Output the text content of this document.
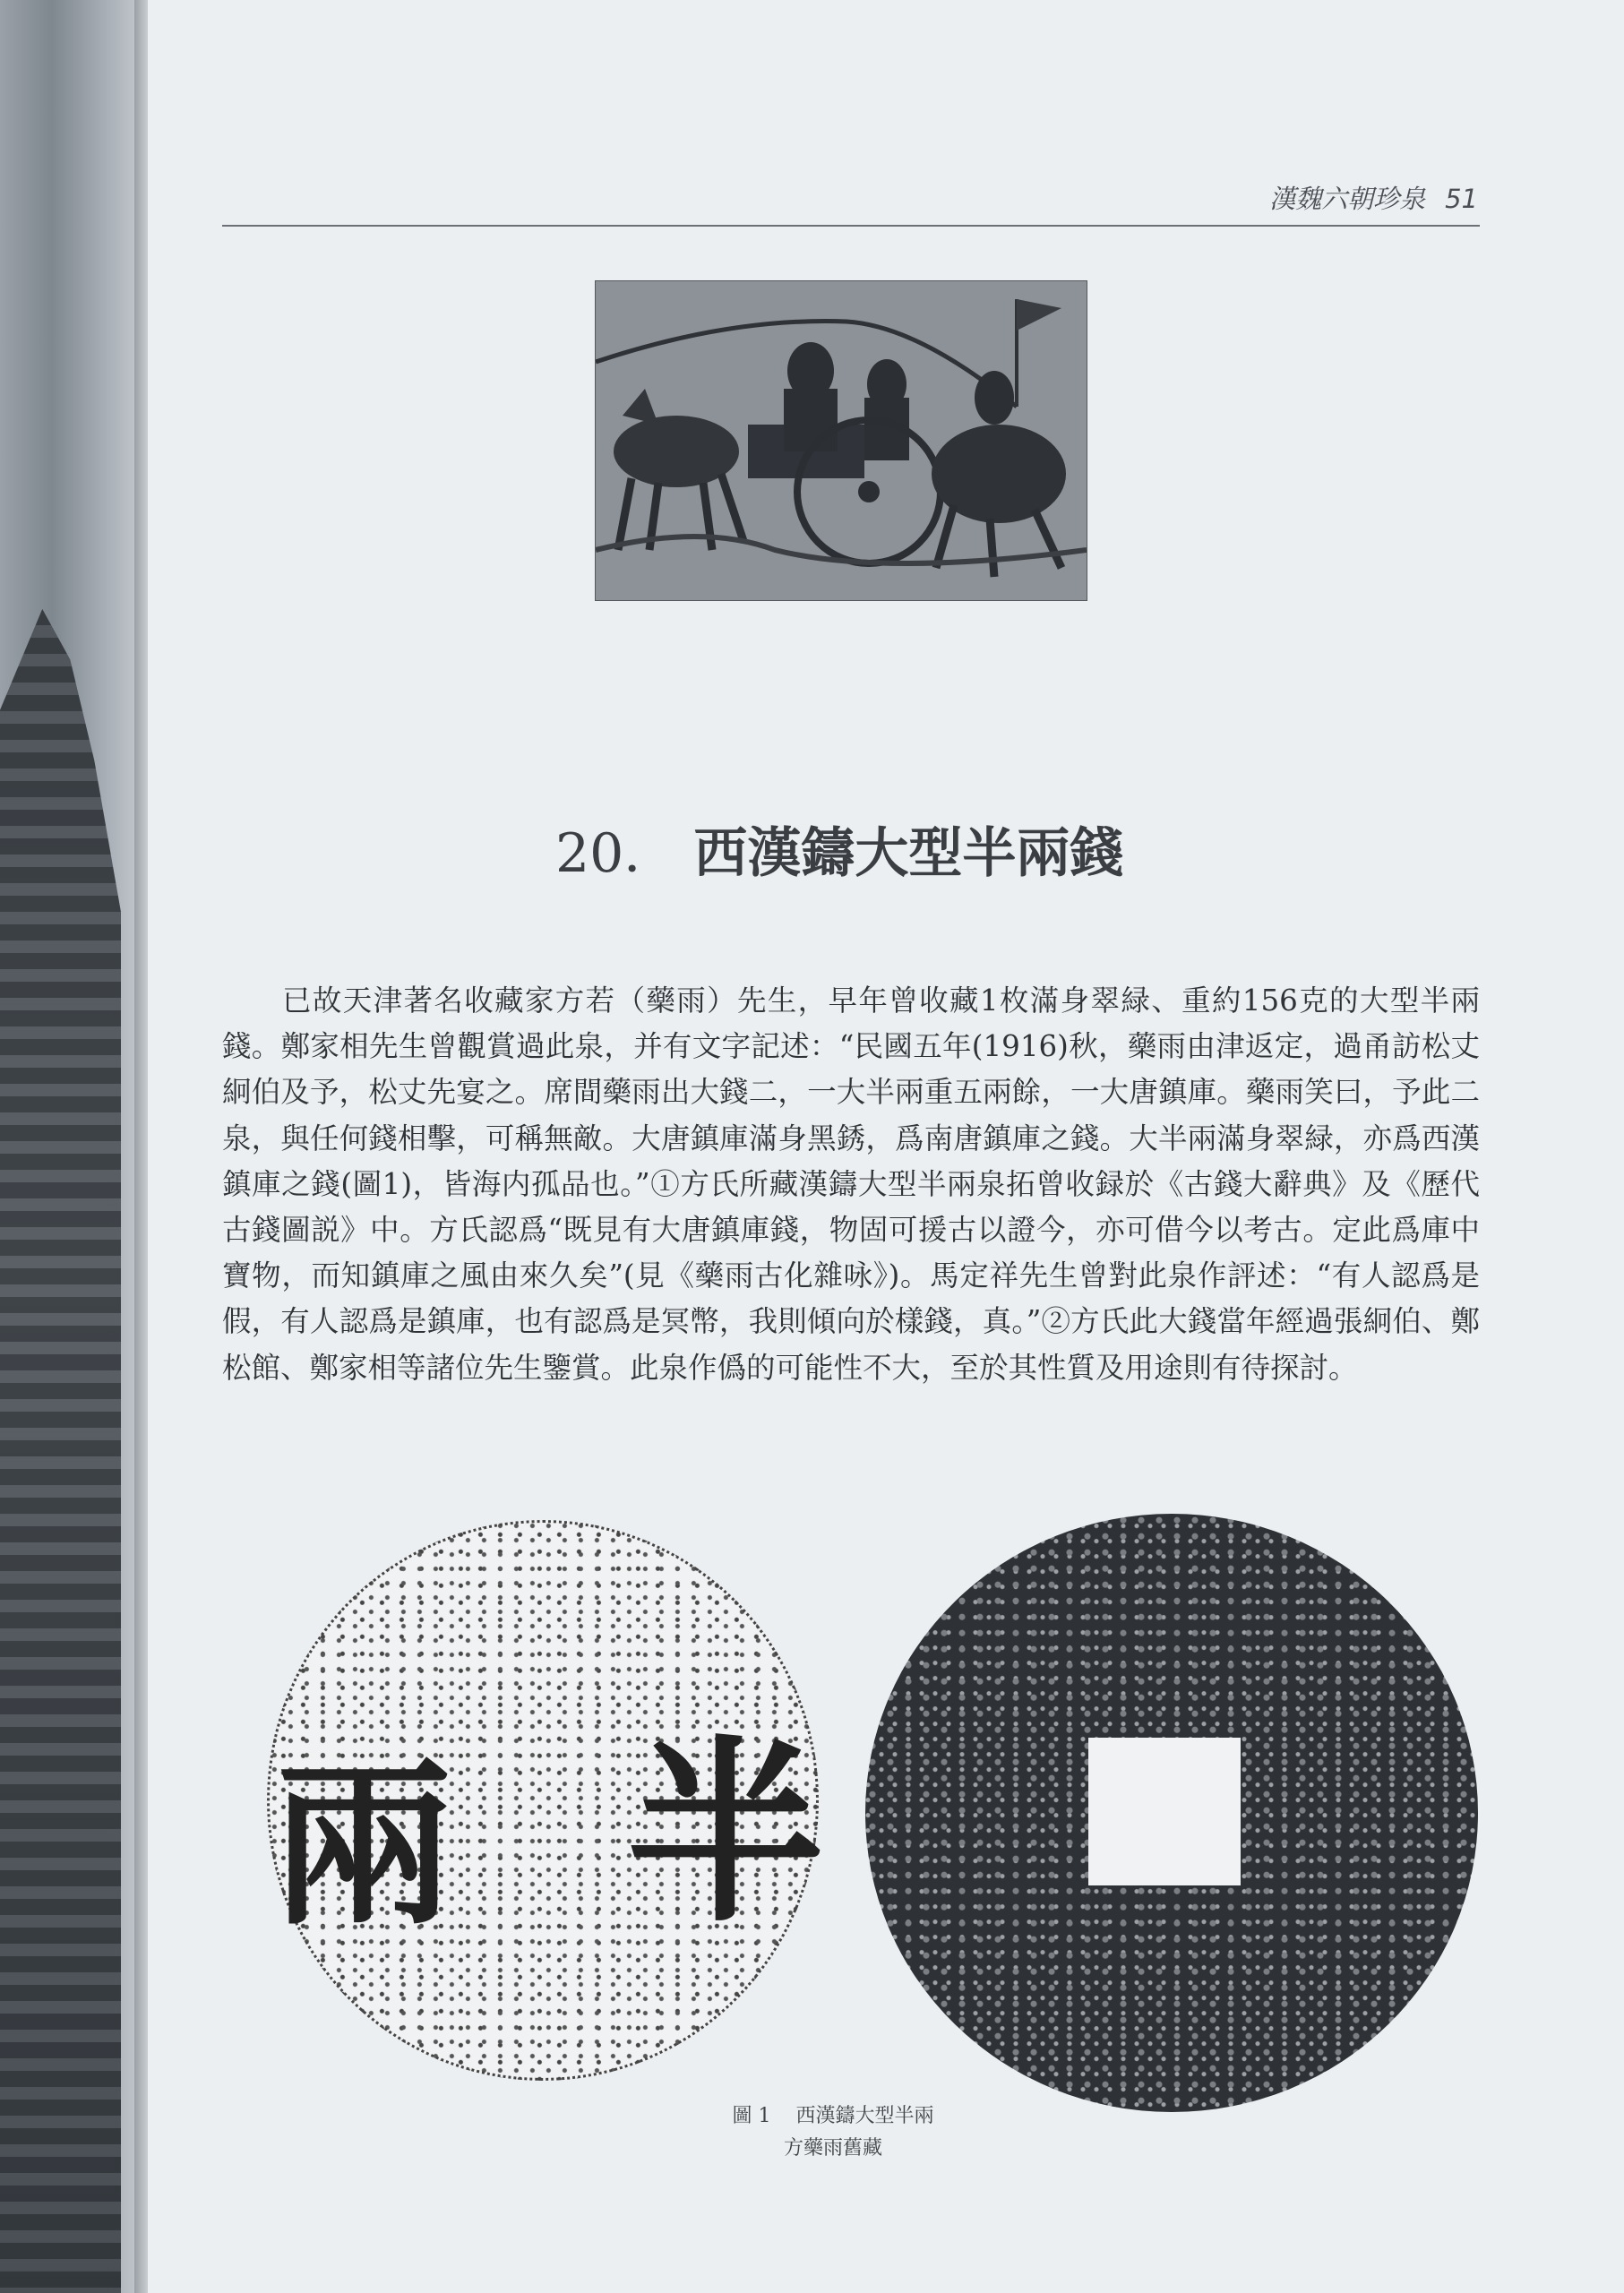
漢魏六朝珍泉 51
20． 西漢鑄大型半兩錢

已故天津著名收藏家方若（藥雨）先生，早年曾收藏1枚滿身翠緑、重約156克的大型半兩錢。鄭家相先生曾觀賞過此泉，并有文字記述：“民國五年(1916)秋，藥雨由津返定，過甬訪松丈絅伯及予，松丈先宴之。席間藥雨出大錢二，一大半兩重五兩餘，一大唐鎮庫。藥雨笑曰，予此二泉，與任何錢相擊，可稱無敵。大唐鎮庫滿身黑銹，爲南唐鎮庫之錢。大半兩滿身翠緑，亦爲西漢鎮庫之錢(圖1)，皆海内孤品也。”①方氏所藏漢鑄大型半兩泉拓曾收録於《古錢大辭典》及《歷代古錢圖説》中。方氏認爲“既見有大唐鎮庫錢，物固可援古以證今，亦可借今以考古。定此爲庫中寶物，而知鎮庫之風由來久矣”(見《藥雨古化雜咏》)。馬定祥先生曾對此泉作評述：“有人認爲是假，有人認爲是鎮庫，也有認爲是冥幣，我則傾向於樣錢，真。”②方氏此大錢當年經過張絅伯、鄭松館、鄭家相等諸位先生鑒賞。此泉作僞的可能性不大，至於其性質及用途則有待探討。

兩 半
圖 1 西漢鑄大型半兩
方藥雨舊藏
